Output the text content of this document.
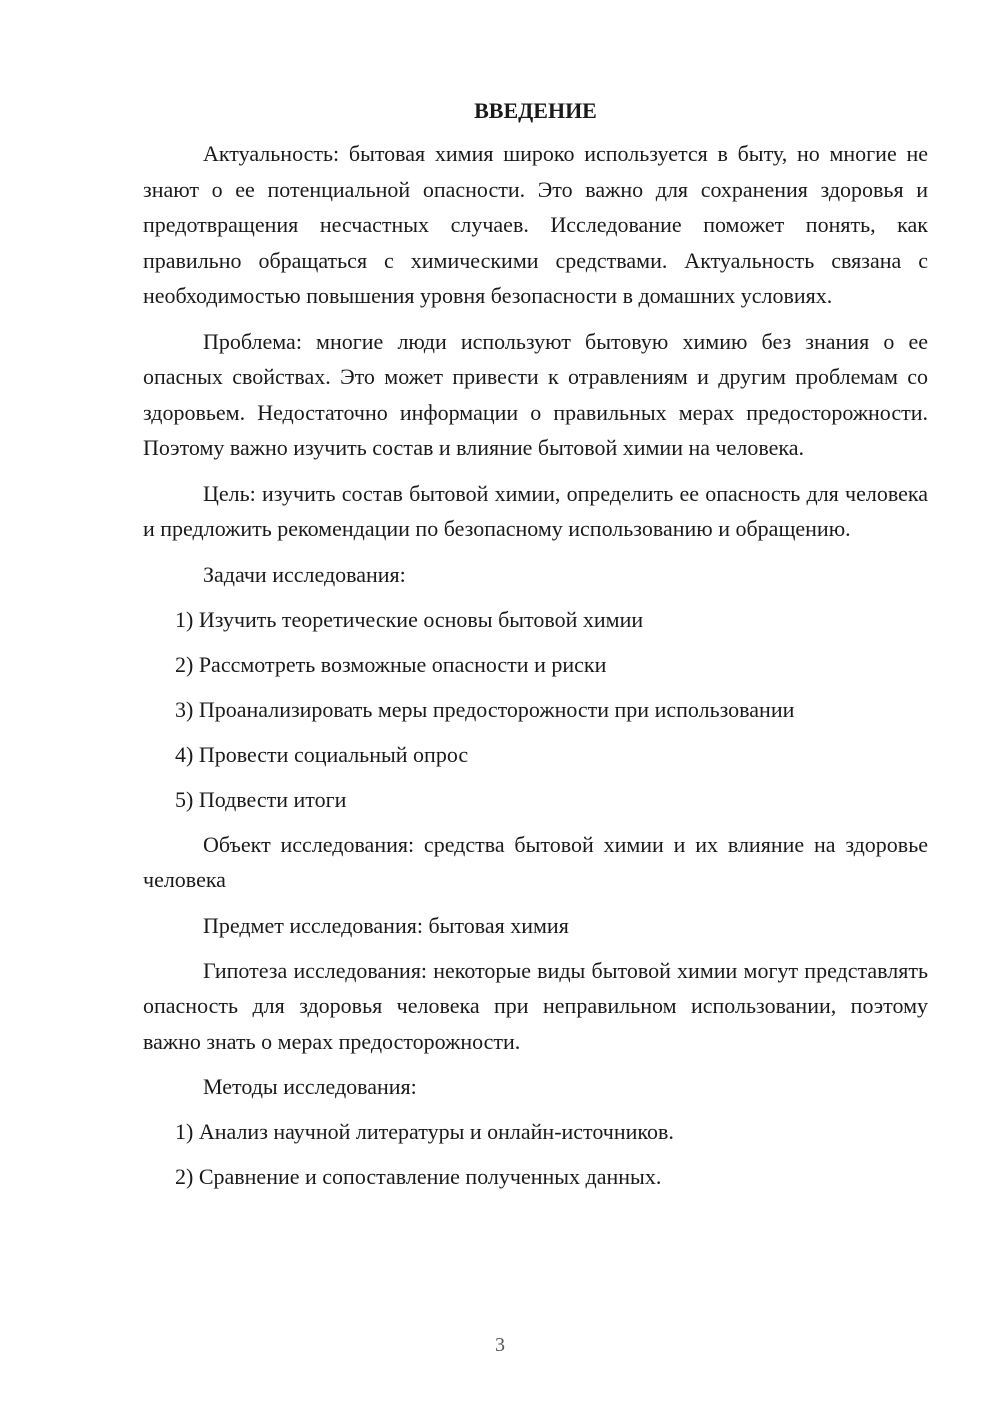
ВВЕДЕНИЕ
Актуальность: бытовая химия широко используется в быту, но многие не знают о ее потенциальной опасности. Это важно для сохранения здоровья и предотвращения несчастных случаев. Исследование поможет понять, как правильно обращаться с химическими средствами. Актуальность связана с необходимостью повышения уровня безопасности в домашних условиях.
Проблема: многие люди используют бытовую химию без знания о ее опасных свойствах. Это может привести к отравлениям и другим проблемам со здоровьем. Недостаточно информации о правильных мерах предосторожности. Поэтому важно изучить состав и влияние бытовой химии на человека.
Цель: изучить состав бытовой химии, определить ее опасность для человека и предложить рекомендации по безопасному использованию и обращению.
Задачи исследования:
1) Изучить теоретические основы бытовой химии
2) Рассмотреть возможные опасности и риски
3) Проанализировать меры предосторожности при использовании
4) Провести социальный опрос
5) Подвести итоги
Объект исследования: средства бытовой химии и их влияние на здоровье человека
Предмет исследования: бытовая химия
Гипотеза исследования: некоторые виды бытовой химии могут представлять опасность для здоровья человека при неправильном использовании, поэтому важно знать о мерах предосторожности.
Методы исследования:
1) Анализ научной литературы и онлайн-источников.
2) Сравнение и сопоставление полученных данных.
3
